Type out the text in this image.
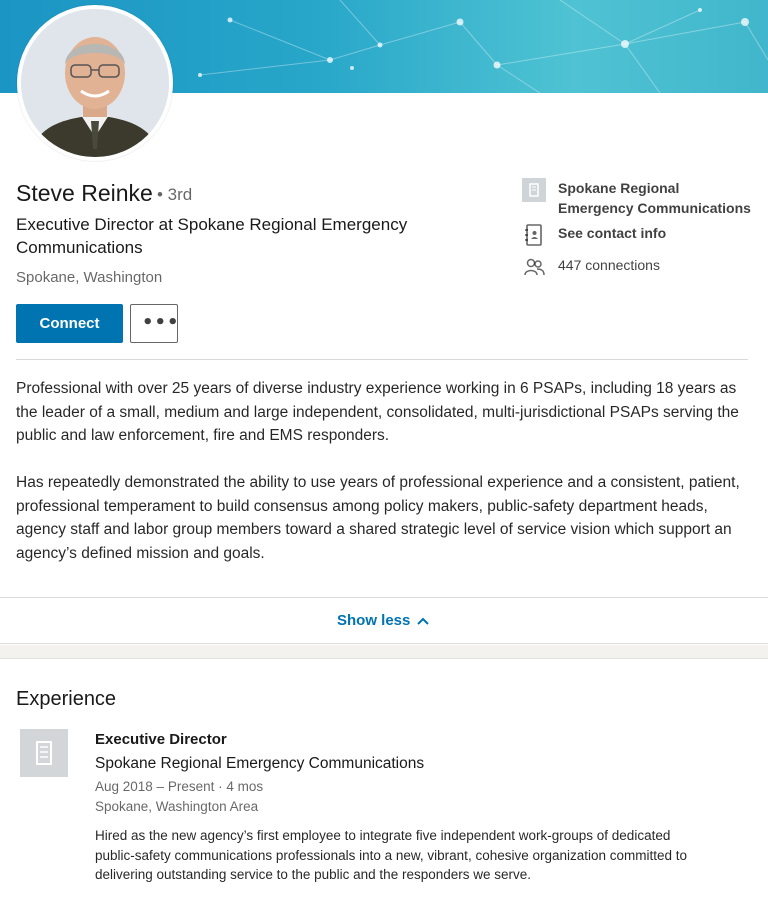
Steve Reinke • 3rd
Executive Director at Spokane Regional Emergency Communications
Spokane, Washington
Connect	•••
Spokane Regional Emergency Communications
See contact info
447 connections

Professional with over 25 years of diverse industry experience working in 6 PSAPs, including 18 years as the leader of a small, medium and large independent, consolidated, multi-jurisdictional PSAPs serving the public and law enforcement, fire and EMS responders.

Has repeatedly demonstrated the ability to use years of professional experience and a consistent, patient, professional temperament to build consensus among policy makers, public-safety department heads, agency staff and labor group members toward a shared strategic level of service vision which support an agency’s defined mission and goals.

Show less
Experience
Executive Director
Spokane Regional Emergency Communications
Aug 2018 – Present · 4 mos
Spokane, Washington Area
Hired as the new agency’s first employee to integrate five independent work-groups of dedicated public-safety communications professionals into a new, vibrant, cohesive organization committed to delivering outstanding service to the public and the responders we serve.
